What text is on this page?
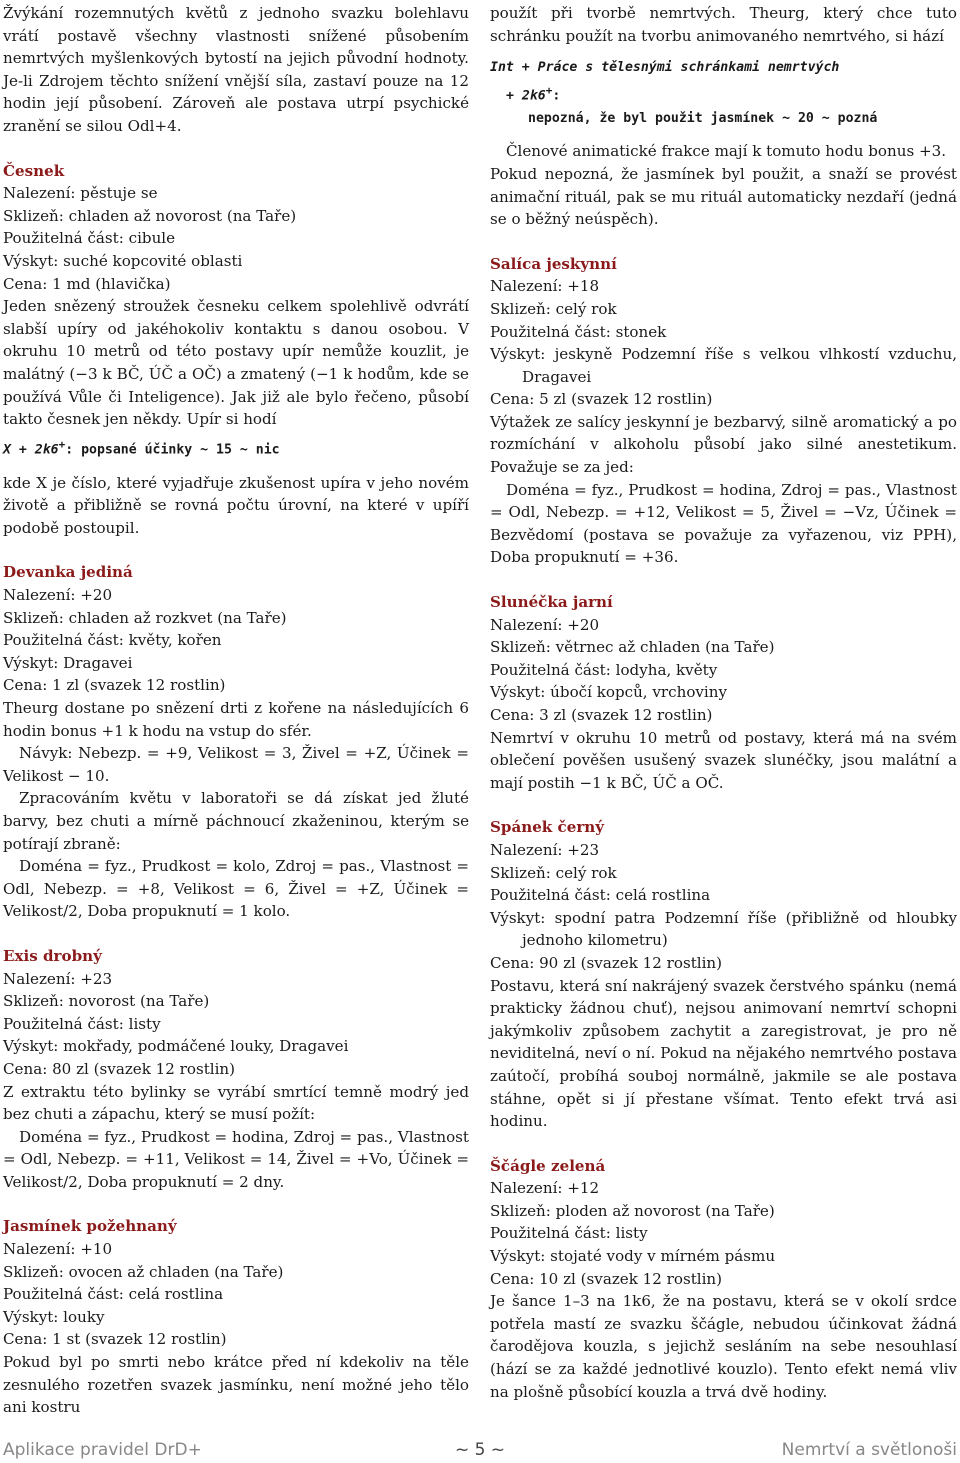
Žvýkání rozemnutých květů z jednoho svazku bolehlavu vrátí postavě všechny vlastnosti snížené působením nemrtvých myšlenkových bytostí na jejich původní hodnoty. Je-li Zdrojem těchto snížení vnější síla, zastaví pouze na 12 hodin její působení. Zároveň ale postava utrpí psychické zranění se silou Odl+4.

Česnek

Nalezení: pěstuje se

Sklizeň: chladen až novorost (na Taře)

Použitelná část: cibule

Výskyt: suché kopcovité oblasti

Cena: 1 md (hlavička)

Jeden snězený stroužek česneku celkem spolehlivě odvrátí slabší upíry od jakéhokoliv kontaktu s danou osobou. V okruhu 10 metrů od této postavy upír nemůže kouzlit, je malátný (−3 k BČ, ÚČ a OČ) a zmatený (−1 k hodům, kde se používá Vůle či Inteligence). Jak již ale bylo řečeno, působí takto česnek jen někdy. Upír si hodí

X + 2k6+: popsané účinky ~ 15 ~ nic

kde X je číslo, které vyjadřuje zkušenost upíra v jeho novém životě a přibližně se rovná počtu úrovní, na které v upíří podobě postoupil.

Devanka jediná

Nalezení: +20

Sklizeň: chladen až rozkvet (na Taře)

Použitelná část: květy, kořen

Výskyt: Dragavei

Cena: 1 zl (svazek 12 rostlin)

Theurg dostane po snězení drti z kořene na následujících 6 hodin bonus +1 k hodu na vstup do sfér.

Návyk: Nebezp. = +9, Velikost = 3, Živel = +Z, Účinek = Velikost − 10.

Zpracováním květu v laboratoři se dá získat jed žluté barvy, bez chuti a mírně páchnoucí zkaženinou, kterým se potírají zbraně:

Doména = fyz., Prudkost = kolo, Zdroj = pas., Vlastnost = Odl, Nebezp. = +8, Velikost = 6, Živel = +Z, Účinek = Velikost/2, Doba propuknutí = 1 kolo.

Exis drobný

Nalezení: +23

Sklizeň: novorost (na Taře)

Použitelná část: listy

Výskyt: mokřady, podmáčené louky, Dragavei

Cena: 80 zl (svazek 12 rostlin)

Z extraktu této bylinky se vyrábí smrtící temně modrý jed bez chuti a zápachu, který se musí požít:

Doména = fyz., Prudkost = hodina, Zdroj = pas., Vlastnost = Odl, Nebezp. = +11, Velikost = 14, Živel = +Vo, Účinek = Velikost/2, Doba propuknutí = 2 dny.

Jasmínek požehnaný

Nalezení: +10

Sklizeň: ovocen až chladen (na Taře)

Použitelná část: celá rostlina

Výskyt: louky

Cena: 1 st (svazek 12 rostlin)

Pokud byl po smrti nebo krátce před ní kdekoliv na těle zesnulého rozetřen svazek jasmínku, není možné jeho tělo ani kostru

použít při tvorbě nemrtvých. Theurg, který chce tuto schránku použít na tvorbu animovaného nemrtvého, si hází

Int + Práce s tělesnými schránkami nemrtvých

+ 2k6+:

nepozná, že byl použit jasmínek ~ 20 ~ pozná

Členové animatické frakce mají k tomuto hodu bonus +3.

Pokud nepozná, že jasmínek byl použit, a snaží se provést animační rituál, pak se mu rituál automaticky nezdaří (jedná se o běžný neúspěch).

Salíca jeskynní

Nalezení: +18

Sklizeň: celý rok

Použitelná část: stonek

Výskyt: jeskyně Podzemní říše s velkou vlhkostí vzduchu, Dragavei

Cena: 5 zl (svazek 12 rostlin)

Výtažek ze salícy jeskynní je bezbarvý, silně aromatický a po rozmíchání v alkoholu působí jako silné anestetikum. Považuje se za jed:

Doména = fyz., Prudkost = hodina, Zdroj = pas., Vlastnost = Odl, Nebezp. = +12, Velikost = 5, Živel = −Vz, Účinek = Bezvědomí (postava se považuje za vyřazenou, viz PPH), Doba propuknutí = +36.

Slunéčka jarní

Nalezení: +20

Sklizeň: větrnec až chladen (na Taře)

Použitelná část: lodyha, květy

Výskyt: úbočí kopců, vrchoviny

Cena: 3 zl (svazek 12 rostlin)

Nemrtví v okruhu 10 metrů od postavy, která má na svém oblečení pověšen usušený svazek slunéčky, jsou malátní a mají postih −1 k BČ, ÚČ a OČ.

Spánek černý

Nalezení: +23

Sklizeň: celý rok

Použitelná část: celá rostlina

Výskyt: spodní patra Podzemní říše (přibližně od hloubky jednoho kilometru)

Cena: 90 zl (svazek 12 rostlin)

Postavu, která sní nakrájený svazek čerstvého spánku (nemá prakticky žádnou chuť), nejsou animovaní nemrtví schopni jakýmkoliv způsobem zachytit a zaregistrovat, je pro ně neviditelná, neví o ní. Pokud na nějakého nemrtvého postava zaútočí, probíhá souboj normálně, jakmile se ale postava stáhne, opět si jí přestane všímat. Tento efekt trvá asi hodinu.

Ščágle zelená

Nalezení: +12

Sklizeň: ploden až novorost (na Taře)

Použitelná část: listy

Výskyt: stojaté vody v mírném pásmu

Cena: 10 zl (svazek 12 rostlin)

Je šance 1–3 na 1k6, že na postavu, která se v okolí srdce potřela mastí ze svazku ščágle, nebudou účinkovat žádná čarodějova kouzla, s jejichž sesláním na sebe nesouhlasí (hází se za každé jednotlivé kouzlo). Tento efekt nemá vliv na plošně působící kouzla a trvá dvě hodiny.

Aplikace pravidel DrD+	~ 5 ~	Nemrtví a světlonoši
